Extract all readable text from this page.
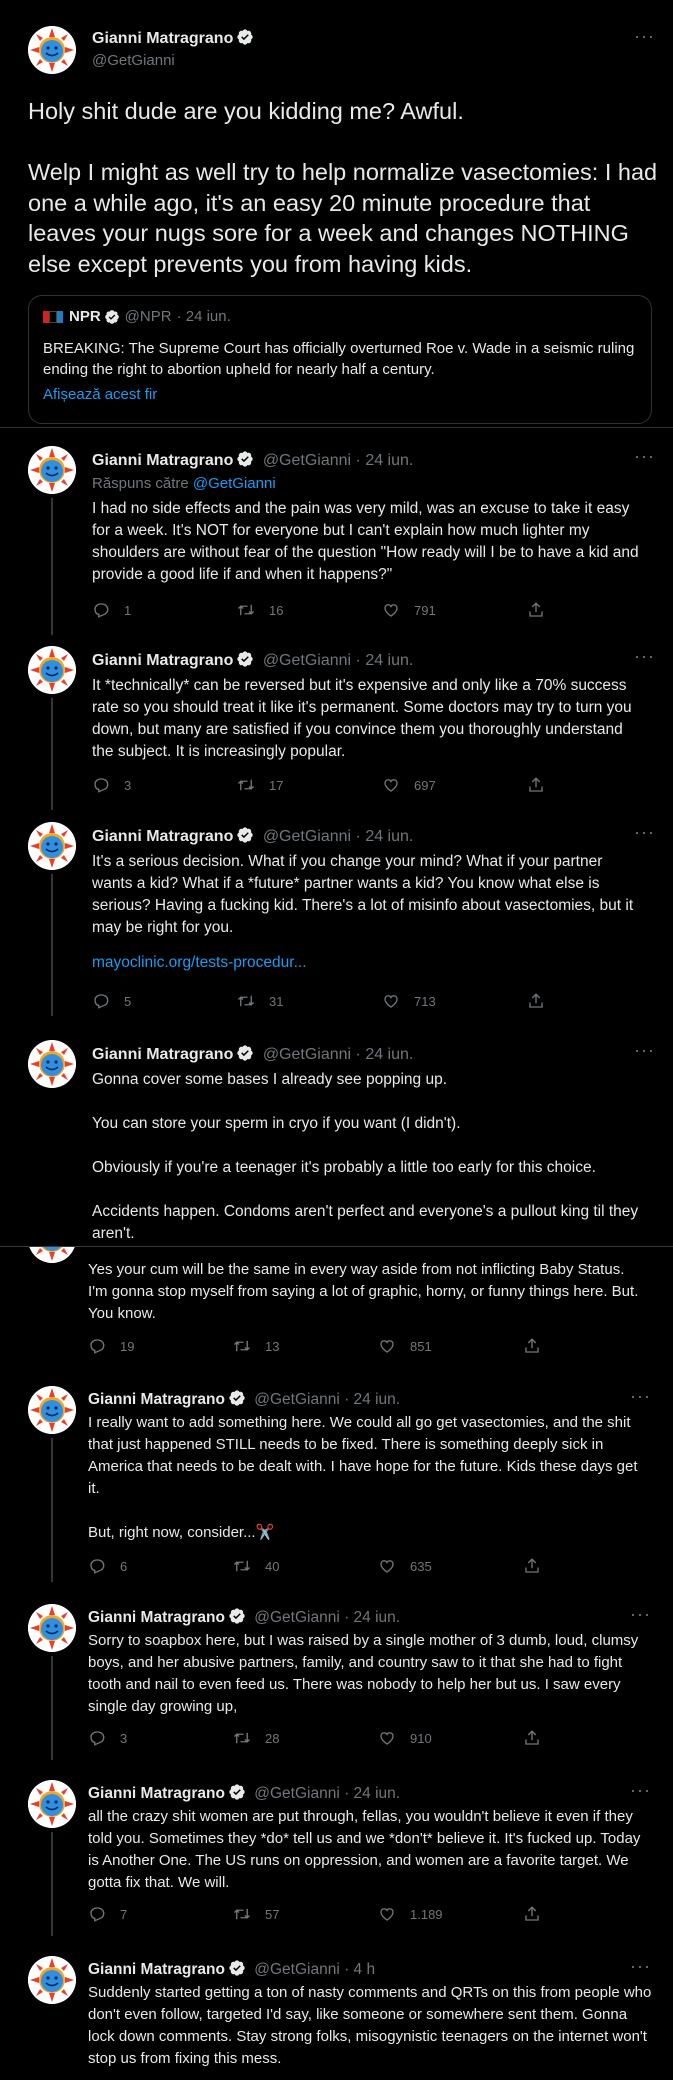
Gianni Matragrano
@GetGianni
···
Holy shit dude are you kidding me? Awful.

Welp I might as well try to help normalize vasectomies: I had one a while ago, it's an easy 20 minute procedure that leaves your nugs sore for a week and changes NOTHING else except prevents you from having kids.
NPR @NPR · 24 iun.
BREAKING: The Supreme Court has officially overturned Roe v. Wade in a seismic ruling ending the right to abortion upheld for nearly half a century.
Afișează acest fir
Gianni Matragrano @GetGianni · 24 iun.	···
Răspuns către @GetGianni
I had no side effects and the pain was very mild, was an excuse to take it easy for a week. It's NOT for everyone but I can't explain how much lighter my shoulders are without fear of the question "How ready will I be to have a kid and provide a good life if and when it happens?"
1	16	791
Gianni Matragrano @GetGianni · 24 iun.	···
It *technically* can be reversed but it's expensive and only like a 70% success rate so you should treat it like it's permanent. Some doctors may try to turn you down, but many are satisfied if you convince them you thoroughly understand the subject. It is increasingly popular.
3	17	697
Gianni Matragrano @GetGianni · 24 iun.	···
It's a serious decision. What if you change your mind? What if your partner wants a kid? What if a *future* partner wants a kid? You know what else is serious? Having a fucking kid. There's a lot of misinfo about vasectomies, but it may be right for you.
mayoclinic.org/tests-procedur...
5	31	713
Gianni Matragrano @GetGianni · 24 iun.	···
Gonna cover some bases I already see popping up.

You can store your sperm in cryo if you want (I didn't).

Obviously if you're a teenager it's probably a little too early for this choice.

Accidents happen. Condoms aren't perfect and everyone's a pullout king til they aren't.
Yes your cum will be the same in every way aside from not inflicting Baby Status. I'm gonna stop myself from saying a lot of graphic, horny, or funny things here. But. You know.
19	13	851
Gianni Matragrano @GetGianni · 24 iun.	···
I really want to add something here. We could all go get vasectomies, and the shit that just happened STILL needs to be fixed. There is something deeply sick in America that needs to be dealt with. I have hope for the future. Kids these days get it.

But, right now, consider...✂️
6	40	635
Gianni Matragrano @GetGianni · 24 iun.	···
Sorry to soapbox here, but I was raised by a single mother of 3 dumb, loud, clumsy boys, and her abusive partners, family, and country saw to it that she had to fight tooth and nail to even feed us. There was nobody to help her but us. I saw every single day growing up,
3	28	910
Gianni Matragrano @GetGianni · 24 iun.	···
all the crazy shit women are put through, fellas, you wouldn't believe it even if they told you. Sometimes they *do* tell us and we *don't* believe it. It's fucked up. Today is Another One. The US runs on oppression, and women are a favorite target. We gotta fix that. We will.
7	57	1.189
Gianni Matragrano @GetGianni · 4 h	···
Suddenly started getting a ton of nasty comments and QRTs on this from people who don't even follow, targeted I'd say, like someone or somewhere sent them. Gonna lock down comments. Stay strong folks, misogynistic teenagers on the internet won't stop us from fixing this mess.
